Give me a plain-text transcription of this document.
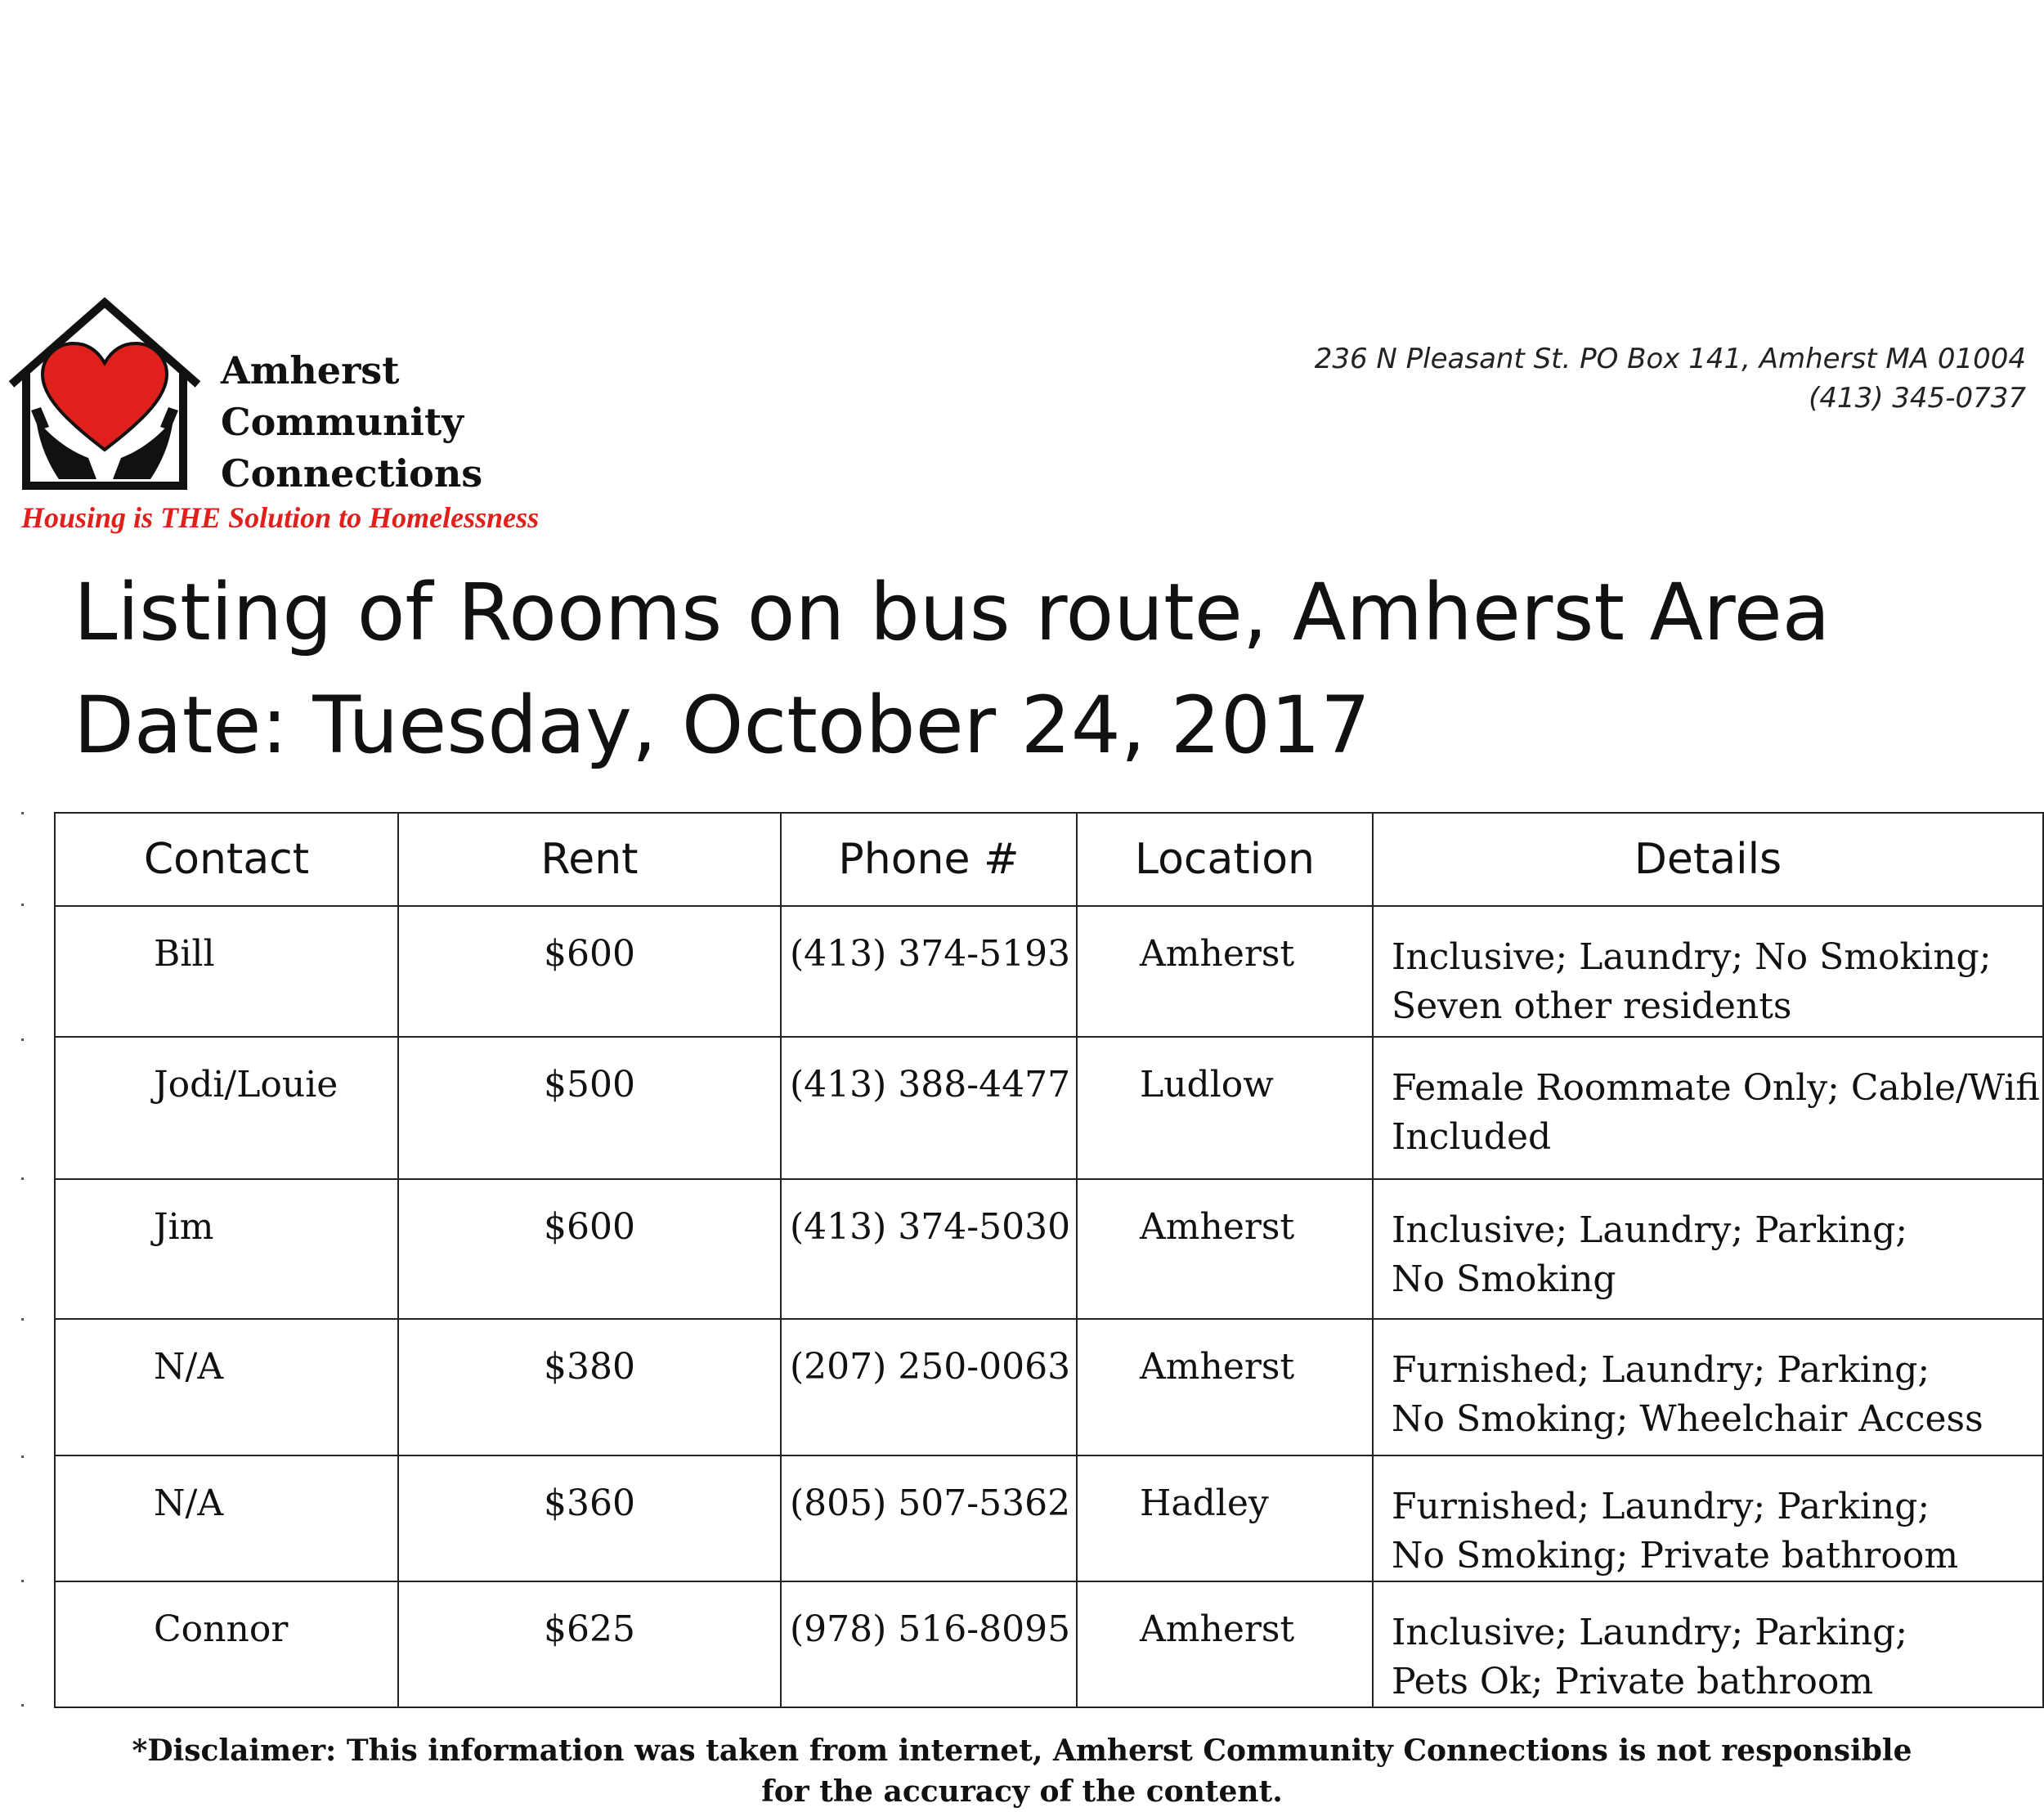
Amherst
Community
Connections
Housing is THE Solution to Homelessness
236 N Pleasant St. PO Box 141, Amherst MA 01004
(413) 345-0737
Listing of Rooms on bus route, Amherst Area
Date: Tuesday, October 24, 2017
Contact	Rent	Phone #	Location	Details
Bill	$600	(413) 374-5193	Amherst	Inclusive; Laundry; No Smoking;
Seven other residents

Jodi/Louie	$500	(413) 388-4477	Ludlow	Female Roommate Only; Cable/Wifi
Included

Jim	$600	(413) 374-5030	Amherst	Inclusive; Laundry; Parking;
No Smoking

N/A	$380	(207) 250-0063	Amherst	Furnished; Laundry; Parking;
No Smoking; Wheelchair Access

N/A	$360	(805) 507-5362	Hadley	Furnished; Laundry; Parking;
No Smoking; Private bathroom

Connor	$625	(978) 516-8095	Amherst	Inclusive; Laundry; Parking;
Pets Ok; Private bathroom
*Disclaimer: This information was taken from internet, Amherst Community Connections is not responsible
for the accuracy of the content.
